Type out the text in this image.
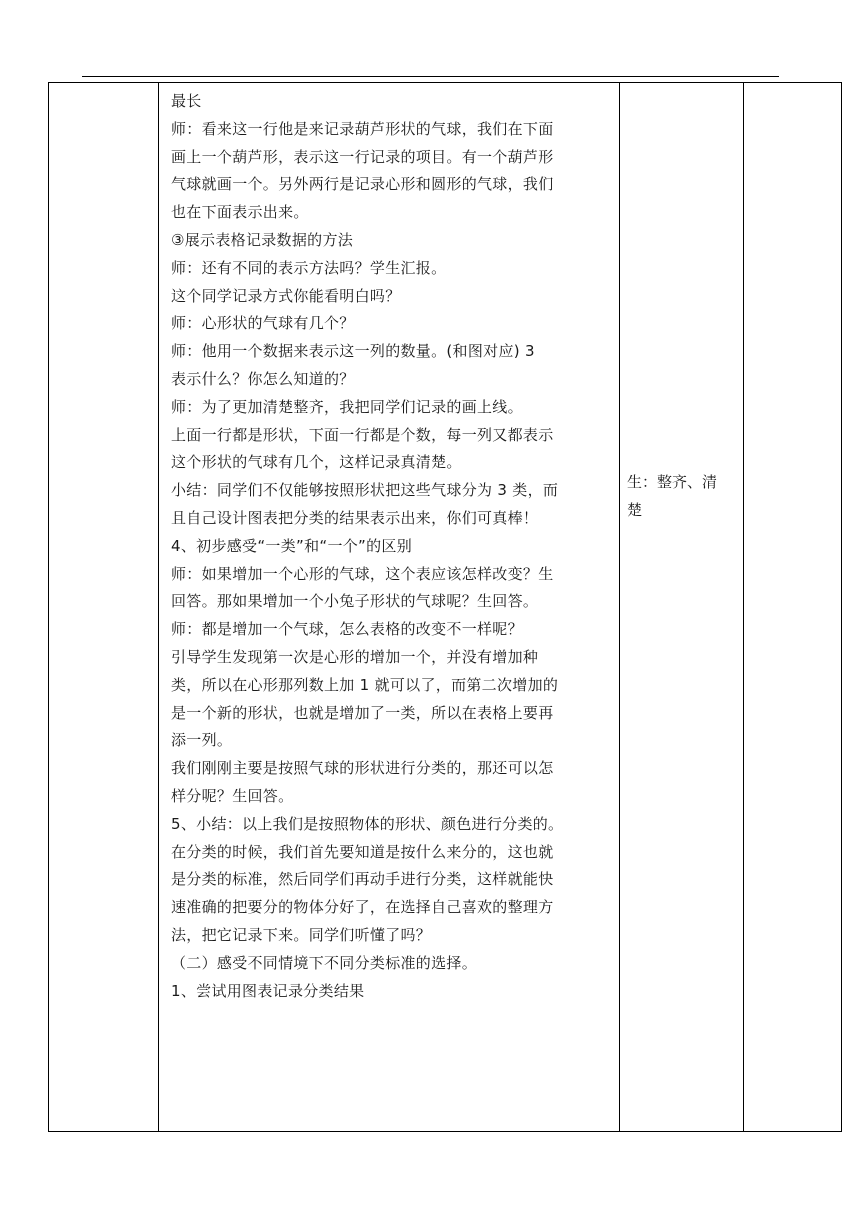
最长
师：看来这一行他是来记录葫芦形状的气球，我们在下面
画上一个葫芦形，表示这一行记录的项目。有一个葫芦形
气球就画一个。另外两行是记录心形和圆形的气球，我们
也在下面表示出来。
③展示表格记录数据的方法
师：还有不同的表示方法吗？学生汇报。
这个同学记录方式你能看明白吗？
师：心形状的气球有几个？
师：他用一个数据来表示这一列的数量。(和图对应) 3
表示什么？你怎么知道的？
师：为了更加清楚整齐，我把同学们记录的画上线。
上面一行都是形状，下面一行都是个数，每一列又都表示
这个形状的气球有几个，这样记录真清楚。
小结：同学们不仅能够按照形状把这些气球分为 3 类，而
且自己设计图表把分类的结果表示出来，你们可真棒！
4、初步感受“一类”和“一个”的区别
师：如果增加一个心形的气球，这个表应该怎样改变？生
回答。那如果增加一个小兔子形状的气球呢？生回答。
师：都是增加一个气球，怎么表格的改变不一样呢？
引导学生发现第一次是心形的增加一个，并没有增加种
类，所以在心形那列数上加 1 就可以了，而第二次增加的
是一个新的形状，也就是增加了一类，所以在表格上要再
添一列。
我们刚刚主要是按照气球的形状进行分类的，那还可以怎
样分呢？生回答。
5、小结：以上我们是按照物体的形状、颜色进行分类的。
在分类的时候，我们首先要知道是按什么来分的，这也就
是分类的标准，然后同学们再动手进行分类，这样就能快
速准确的把要分的物体分好了，在选择自己喜欢的整理方
法，把它记录下来。同学们听懂了吗？
（二）感受不同情境下不同分类标准的选择。
1、尝试用图表记录分类结果

生：整齐、清
楚
